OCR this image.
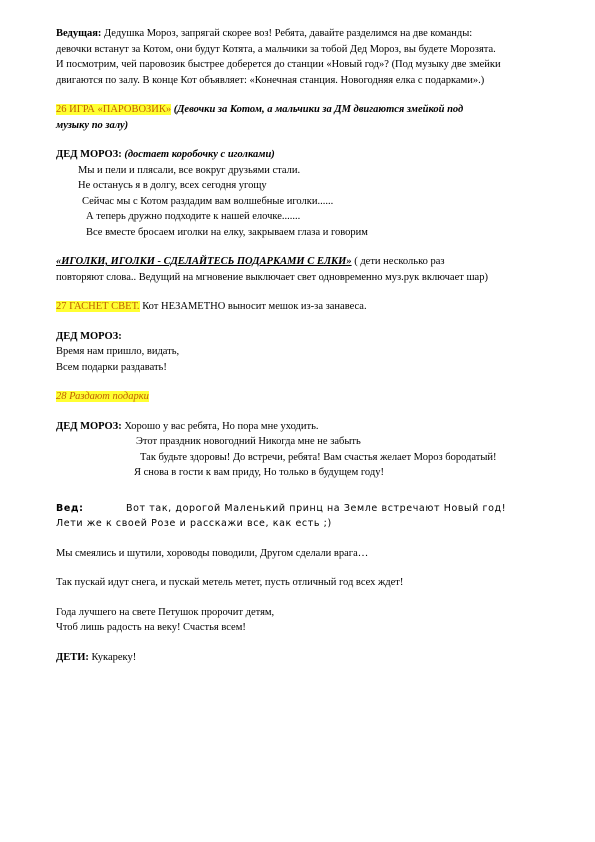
Ведущая: Дедушка Мороз, запрягай скорее воз! Ребята, давайте разделимся на две команды:

девочки встанут за Котом, они будут Котята, а мальчики за тобой Дед Мороз, вы будете Морозята.

И посмотрим, чей паровозик быстрее доберется до станции «Новый год»? (Под музыку две змейки

двигаются по залу. В конце Кот объявляет: «Конечная станция. Новогодняя елка с подарками».)

26 ИГРА «ПАРОВОЗИК» (Девочки за Котом, а мальчики за ДМ двигаются змейкой под

музыку по залу)

ДЕД МОРОЗ: (достает коробочку с иголками)

Мы и пели и плясали, все вокруг друзьями стали.

Не останусь я в долгу, всех сегодня угощу

Сейчас мы с Котом раздадим вам волшебные иголки......

А теперь дружно подходите к нашей елочке.......

Все вместе бросаем иголки на елку, закрываем глаза и говорим

«ИГОЛКИ, ИГОЛКИ - СДЕЛАЙТЕСЬ ПОДАРКАМИ С ЕЛКИ» ( дети несколько раз

повторяют слова.. Ведущий на мгновение выключает свет одновременно муз.рук включает шар)

27 ГАСНЕТ СВЕТ. Кот НЕЗАМЕТНО выносит мешок из-за занавеса.

ДЕД МОРОЗ:

Время нам пришло, видать,

Всем подарки раздавать!

28 Раздают подарки

ДЕД МОРОЗ: Хорошо у вас ребята, Но пора мне уходить.

Этот праздник новогодний Никогда мне не забыть

Так будьте здоровы! До встречи, ребята! Вам счастья желает Мороз бородатый!

Я снова в гости к вам приду, Но только в будущем году!

Вед:	Вот так, дорогой Маленький принц на Земле встречают Новый год!

Лети же к своей Розе и расскажи все, как есть ;)

Мы смеялись и шутили, хороводы поводили, Другом сделали врага…

Так пускай идут снега, и пускай метель метет, пусть отличный год всех ждет!

Года лучшего на свете Петушок пророчит детям,

Чтоб лишь радость на веку! Счастья всем!

ДЕТИ: Кукареку!
